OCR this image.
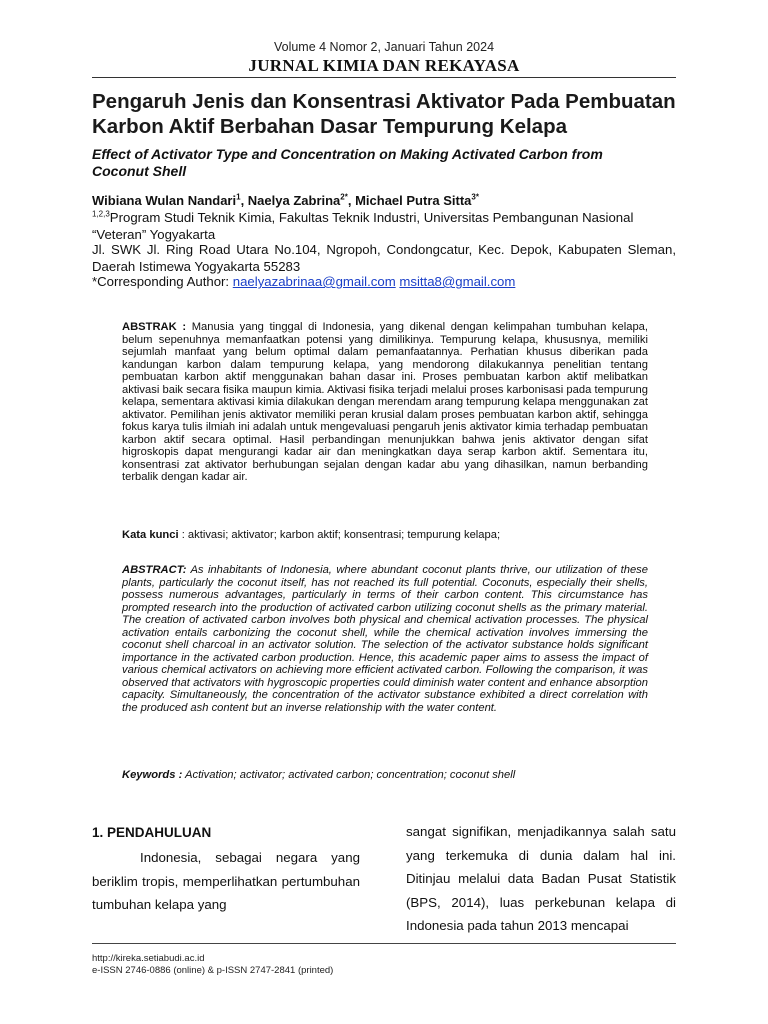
Volume 4 Nomor 2, Januari Tahun 2024
JURNAL KIMIA DAN REKAYASA
Pengaruh Jenis dan Konsentrasi Aktivator Pada Pembuatan
Karbon Aktif Berbahan Dasar Tempurung Kelapa
Effect of Activator Type and Concentration on Making Activated Carbon from
Coconut Shell
Wibiana Wulan Nandari$^1$, Naelya Zabrina$^{2*}$, Michael Putra Sitta$^{3*}$
$^{1,2,3}$Program Studi Teknik Kimia, Fakultas Teknik Industri, Universitas Pembangunan Nasional
“Veteran” Yogyakarta
Jl. SWK Jl. Ring Road Utara No.104, Ngropoh, Condongcatur, Kec. Depok, Kabupaten Sleman, Daerah Istimewa Yogyakarta 55283
*Corresponding Author: naelyazabrinaa@gmail.com msitta8@gmail.com
ABSTRAK : Manusia yang tinggal di Indonesia, yang dikenal dengan kelimpahan tumbuhan kelapa, belum sepenuhnya memanfaatkan potensi yang dimilikinya. Tempurung kelapa, khususnya, memiliki sejumlah manfaat yang belum optimal dalam pemanfaatannya. Perhatian khusus diberikan pada kandungan karbon dalam tempurung kelapa, yang mendorong dilakukannya penelitian tentang pembuatan karbon aktif menggunakan bahan dasar ini. Proses pembuatan karbon aktif melibatkan aktivasi baik secara fisika maupun kimia. Aktivasi fisika terjadi melalui proses karbonisasi pada tempurung kelapa, sementara aktivasi kimia dilakukan dengan merendam arang tempurung kelapa menggunakan zat aktivator. Pemilihan jenis aktivator memiliki peran krusial dalam proses pembuatan karbon aktif, sehingga fokus karya tulis ilmiah ini adalah untuk mengevaluasi pengaruh jenis aktivator kimia terhadap pembuatan karbon aktif secara optimal. Hasil perbandingan menunjukkan bahwa jenis aktivator dengan sifat higroskopis dapat mengurangi kadar air dan meningkatkan daya serap karbon aktif. Sementara itu, konsentrasi zat aktivator berhubungan sejalan dengan kadar abu yang dihasilkan, namun berbanding terbalik dengan kadar air.
Kata kunci : aktivasi; aktivator; karbon aktif; konsentrasi; tempurung kelapa;
ABSTRACT: As inhabitants of Indonesia, where abundant coconut plants thrive, our utilization of these plants, particularly the coconut itself, has not reached its full potential. Coconuts, especially their shells, possess numerous advantages, particularly in terms of their carbon content. This circumstance has prompted research into the production of activated carbon utilizing coconut shells as the primary material. The creation of activated carbon involves both physical and chemical activation processes. The physical activation entails carbonizing the coconut shell, while the chemical activation involves immersing the coconut shell charcoal in an activator solution. The selection of the activator substance holds significant importance in the activated carbon production. Hence, this academic paper aims to assess the impact of various chemical activators on achieving more efficient activated carbon. Following the comparison, it was observed that activators with hygroscopic properties could diminish water content and enhance absorption capacity. Simultaneously, the concentration of the activator substance exhibited a direct correlation with the produced ash content but an inverse relationship with the water content.
Keywords : Activation; activator; activated carbon; concentration; coconut shell
1. PENDAHULUAN
Indonesia, sebagai negara yang beriklim tropis, memperlihatkan pertumbuhan tumbuhan kelapa yang
sangat signifikan, menjadikannya salah satu yang terkemuka di dunia dalam hal ini. Ditinjau melalui data Badan Pusat Statistik (BPS, 2014), luas perkebunan kelapa di Indonesia pada tahun 2013 mencapai
http://kireka.setiabudi.ac.id
e-ISSN 2746-0886 (online) & p-ISSN 2747-2841 (printed)
